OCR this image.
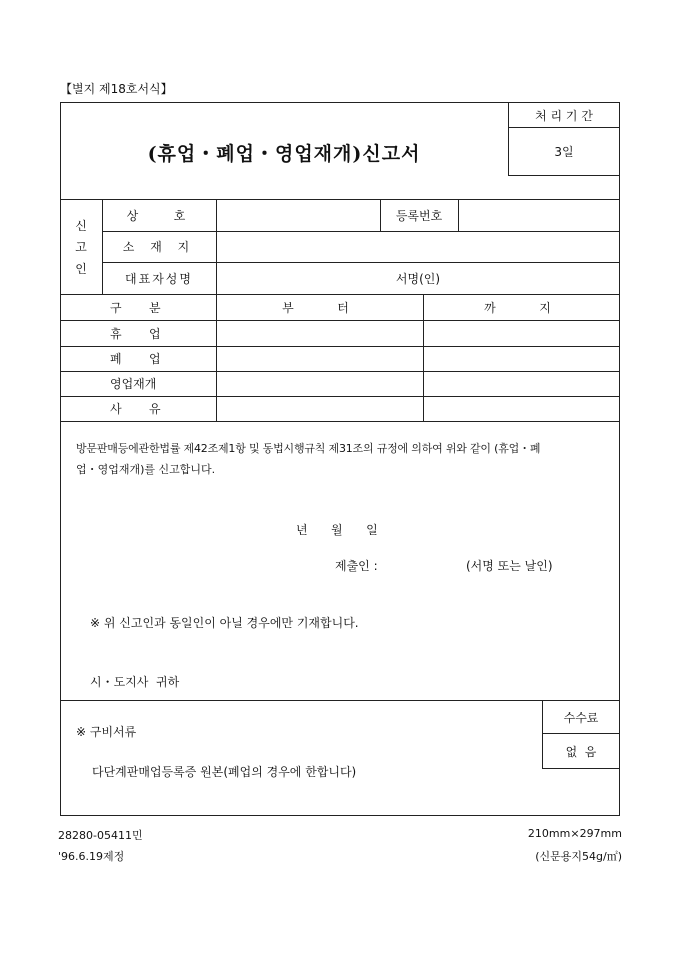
【별지 제18호서식】
(휴업・폐업・영업재개)신고서
처 리 기 간
3일
신
고
인
상   호	등록번호
소 재 지
대표자성명	서명(인)
구   분	부   터	까   지
휴   업
폐   업
영업재개
사   유
방문판매등에관한법률 제42조제1항 및 동법시행규칙 제31조의 규정에 의하여 위와 같이 (휴업・폐
업・영업재개)를 신고합니다.
년   월   일
제출인 :	(서명 또는 날인)
※ 위 신고인과 동일인이 아닐 경우에만 기재합니다.
시・도지사  귀하
※ 구비서류
다단계판매업등록증 원본(폐업의 경우에 한합니다)
수수료
없  음
28280-05411민
'96.6.19제정
210mm×297mm
(신문용지54g/㎡)
